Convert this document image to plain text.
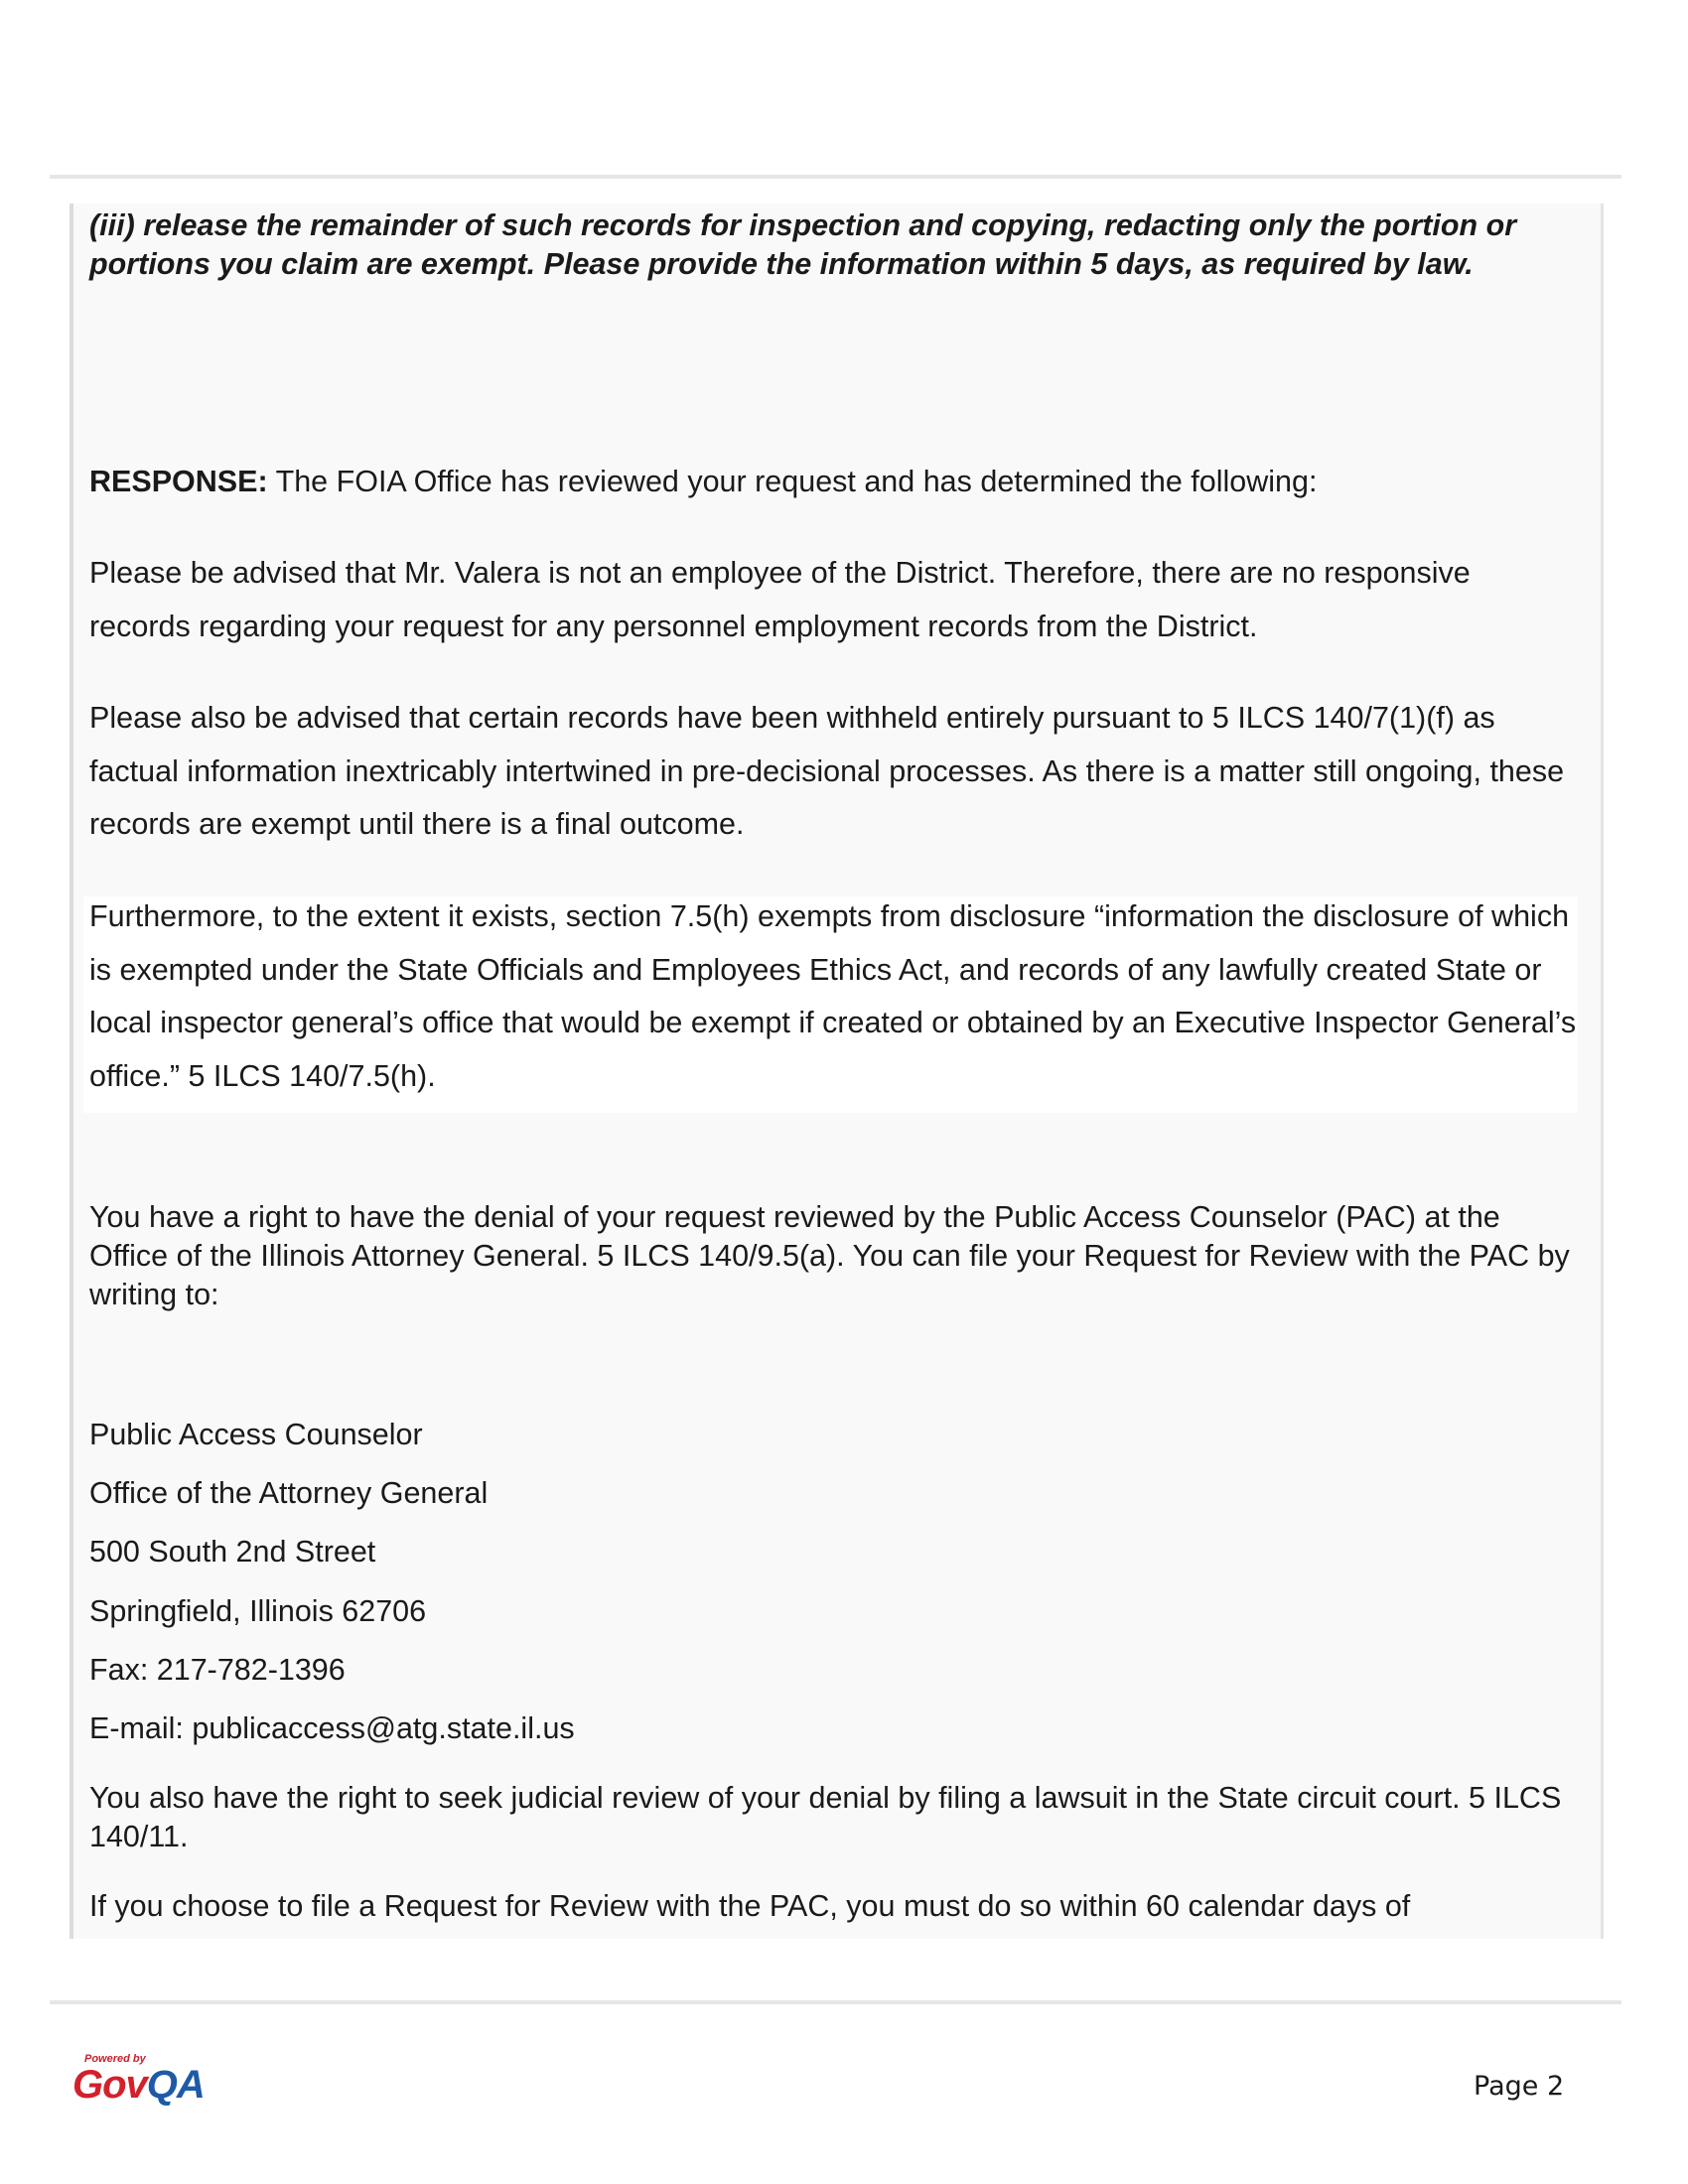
(iii) release the remainder of such records for inspection and copying, redacting only the portion or portions you claim are exempt. Please provide the information within 5 days, as required by law.

RESPONSE: The FOIA Office has reviewed your request and has determined the following:

Please be advised that Mr. Valera is not an employee of the District. Therefore, there are no responsive records regarding your request for any personnel employment records from the District.

Please also be advised that certain records have been withheld entirely pursuant to 5 ILCS 140/7(1)(f) as factual information inextricably intertwined in pre-decisional processes. As there is a matter still ongoing, these records are exempt until there is a final outcome.

Furthermore, to the extent it exists, section 7.5(h) exempts from disclosure “information the disclosure of which is exempted under the State Officials and Employees Ethics Act, and records of any lawfully created State or local inspector general’s office that would be exempt if created or obtained by an Executive Inspector General’s office.” 5 ILCS 140/7.5(h).

You have a right to have the denial of your request reviewed by the Public Access Counselor (PAC) at the Office of the Illinois Attorney General. 5 ILCS 140/9.5(a). You can file your Request for Review with the PAC by writing to:

Public Access Counselor
Office of the Attorney General
500 South 2nd Street
Springfield, Illinois 62706
Fax: 217-782-1396
E-mail: publicaccess@atg.state.il.us

You also have the right to seek judicial review of your denial by filing a lawsuit in the State circuit court. 5 ILCS 140/11.

If you choose to file a Request for Review with the PAC, you must do so within 60 calendar days of

Powered by
GovQA	Page 2
